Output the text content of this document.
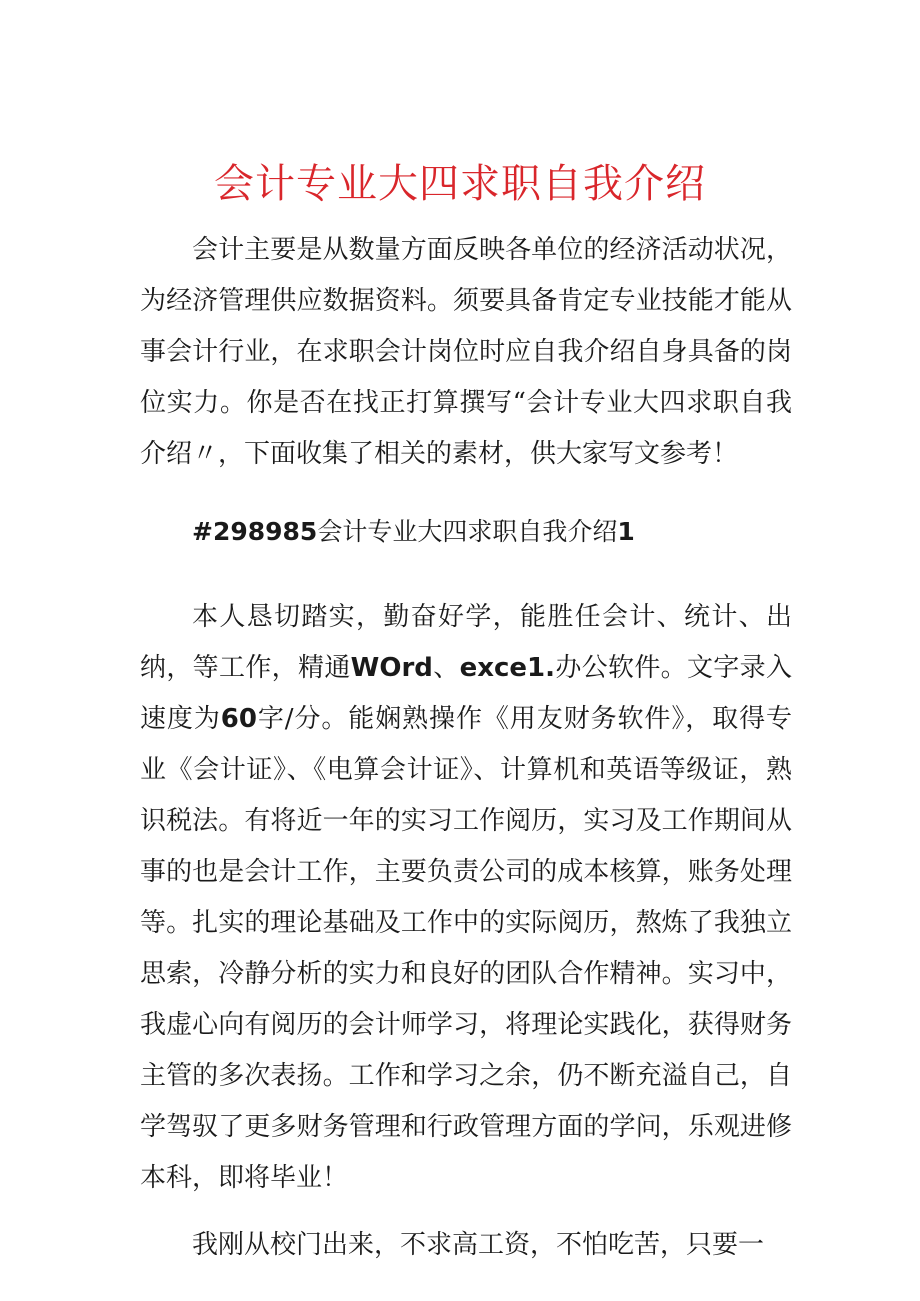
会计专业大四求职自我介绍

会计主要是从数量方面反映各单位的经济活动状况，为经济管理供应数据资料。须要具备肯定专业技能才能从事会计行业，在求职会计岗位时应自我介绍自身具备的岗位实力。你是否在找正打算撰写“会计专业大四求职自我介绍〃，下面收集了相关的素材，供大家写文参考！

#298985会计专业大四求职自我介绍1

本人恳切踏实，勤奋好学，能胜任会计、统计、出纳，等工作，精通WOrd、exce1.办公软件。文字录入速度为60字/分。能娴熟操作《用友财务软件》，取得专业《会计证》、《电算会计证》、计算机和英语等级证，熟识税法。有将近一年的实习工作阅历，实习及工作期间从事的也是会计工作，主要负责公司的成本核算，账务处理等。扎实的理论基础及工作中的实际阅历，熬炼了我独立思索，冷静分析的实力和良好的团队合作精神。实习中，我虚心向有阅历的会计师学习，将理论实践化，获得财务主管的多次表扬。工作和学习之余，仍不断充溢自己，自学驾驭了更多财务管理和行政管理方面的学问，乐观进修本科，即将毕业！

我刚从校门出来，不求高工资，不怕吃苦，只要一
